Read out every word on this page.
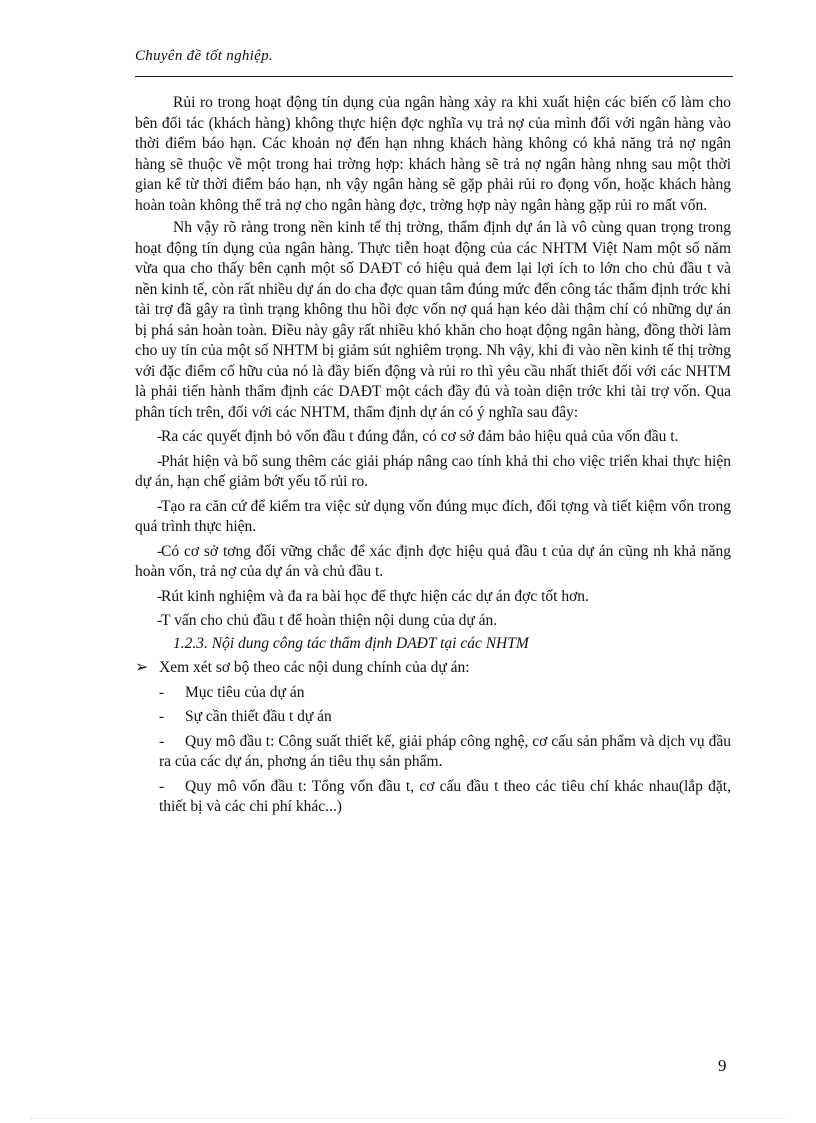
Chuyên đề tốt nghiệp.

Rủi ro trong hoạt động tín dụng của ngân hàng xảy ra khi xuất hiện các biến cố làm cho bên đối tác (khách hàng) không thực hiện đợc nghĩa vụ trả nợ của mình đối với ngân hàng vào thời điểm báo hạn. Các khoản nợ đến hạn nhng khách hàng không có khả năng trả nợ ngân hàng sẽ thuộc về một trong hai trờng hợp: khách hàng sẽ trả nợ ngân hàng nhng sau một thời gian kể từ thời điểm báo hạn, nh vậy ngân hàng sẽ gặp phải rủi ro đọng vốn, hoặc khách hàng hoàn toàn không thể trả nợ cho ngân hàng đợc, trờng hợp này ngân hàng gặp rủi ro mất vốn.

Nh vậy rõ ràng trong nền kinh tế thị trờng, thẩm định dự án là vô cùng quan trọng trong hoạt động tín dụng của ngân hàng. Thực tiễn hoạt động của các NHTM Việt Nam một số năm vừa qua cho thấy bên cạnh một số DAĐT có hiệu quả đem lại lợi ích to lớn cho chủ đầu t và nền kinh tế, còn rất nhiều dự án do cha đợc quan tâm đúng mức đến công tác thẩm định trớc khi tài trợ đã gây ra tình trạng không thu hồi đợc vốn nợ quá hạn kéo dài thậm chí có những dự án bị phá sản hoàn toàn. Điều này gây rất nhiều khó khăn cho hoạt động ngân hàng, đồng thời làm cho uy tín của một số NHTM bị giảm sút nghiêm trọng. Nh vậy, khi đi vào nền kinh tế thị trờng với đặc điểm cố hữu của nó là đầy biến động và rủi ro thì yêu cầu nhất thiết đối với các NHTM là phải tiến hành thẩm định các DAĐT một cách đầy đủ và toàn diện trớc khi tài trợ vốn. Qua phân tích trên, đối với các NHTM, thẩm định dự án có ý nghĩa sau đây:

-
Ra các quyết định bỏ vốn đầu t đúng đắn, có cơ sở đảm bảo hiệu quả của vốn đầu t.
-
Phát hiện và bổ sung thêm các giải pháp nâng cao tính khả thi cho việc triển khai thực hiện dự án, hạn chế giảm bớt yếu tố rủi ro.
-
Tạo ra căn cứ để kiểm tra việc sử dụng vốn đúng mục đích, đối tợng và tiết kiệm vốn trong quá trình thực hiện.
-
Có cơ sở tơng đối vững chắc để xác định đợc hiệu quả đầu t của dự án cũng nh khả năng hoàn vốn, trả nợ của dự án và chủ đầu t.
-
Rút kinh nghiệm và đa ra bài học để thực hiện các dự án đợc tốt hơn.
-
T vấn cho chủ đầu t để hoàn thiện nội dung của dự án.
1.2.3. Nội dung công tác thẩm định DAĐT tại các NHTM
➢ Xem xét sơ bộ theo các nội dung chính của dự án:
- Mục tiêu của dự án
- Sự cần thiết đầu t dự án
- Quy mô đầu t: Công suất thiết kế, giải pháp công nghệ, cơ cấu sản phẩm và dịch vụ đầu ra của các dự án, phơng án tiêu thụ sản phẩm.
- Quy mô vốn đầu t: Tổng vốn đầu t, cơ cấu đầu t theo các tiêu chí khác nhau(lắp đặt, thiết bị và các chi phí khác...)
9
